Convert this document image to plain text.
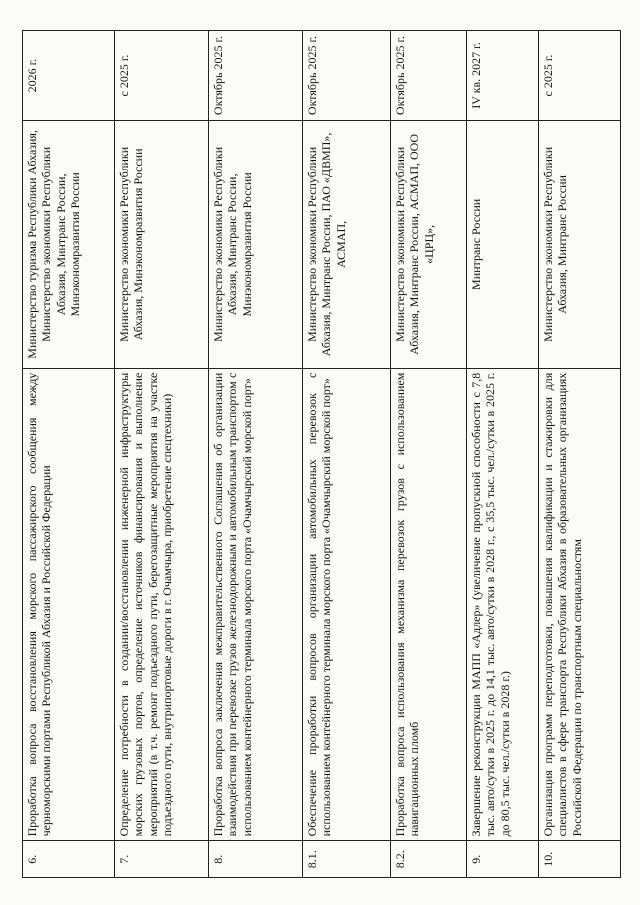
6.	Проработка вопроса восстановления морского пассажирского сообщения между черноморскими портами Республикой Абхазия и Российской Федерации	Министерство туризма Республики Абхазия, Министерство экономики Республики Абхазия, Минтранс России, Минэкономразвития России	2026 г.
7.	Определение потребности в создании/восстановлении инженерной инфраструктуры морских грузовых портов, определение источников финансирования и выполнение мероприятий (в т.ч. ремонт подъездного пути, берегозащитные мероприятия на участке подъездного пути, внутрипортовые дороги в г. Очамчыра, приобретение спецтехники)	Министерство экономики Республики Абхазия, Минэкономразвития России	с 2025 г.
8.	Проработка вопроса заключения межправительственного Соглашения об организации взаимодействия при перевозке грузов железнодорожным и автомобильным транспортом с использованием контейнерного терминала морского порта «Очамчырский морской порт»	Министерство экономики Республики Абхазия, Минтранс России, Минэкономразвития России	Октябрь 2025 г.
8.1.	Обеспечение проработки вопросов организации автомобильных перевозок с использованием контейнерного терминала морского порта «Очамчырский морской порт»	Министерство экономики Республики Абхазия, Минтранс России, ПАО «ДВМП», АСМАП,	Октябрь 2025 г.
8.2.	Проработка вопроса использования механизма перевозок грузов с использованием навигационных пломб	Министерство экономики Республики Абхазия, Минтранс России, АСМАП, ООО «ЦРЦ»,	Октябрь 2025 г.
9.	Завершение реконструкции МАПП «Адлер» (увеличение пропускной способности с 7,8 тыс. авто/сутки в 2025 г. до 14,1 тыс. авто/сутки в 2028 г., с 35,5 тыс. чел./сутки в 2025 г. до 80,5 тыс. чел./сутки в 2028 г.)	Минтранс России	IV кв. 2027 г.
10.	Организация программ переподготовки, повышения квалификации и стажировки для специалистов в сфере транспорта Республики Абхазия в образовательных организациях Российской Федерации по транспортным специальностям	Министерство экономики Республики Абхазия, Минтранс России	с 2025 г.
